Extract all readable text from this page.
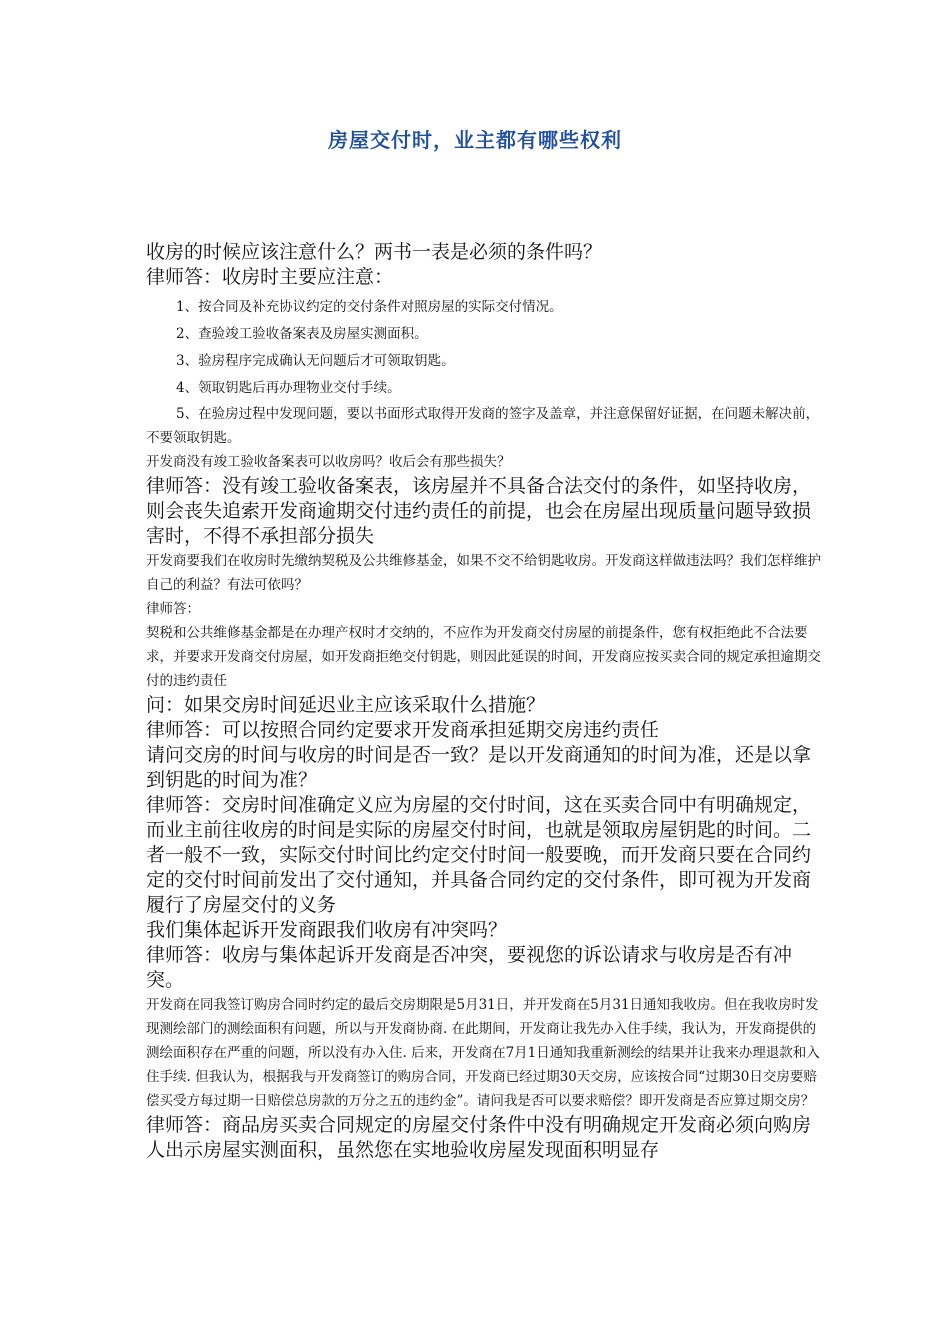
房屋交付时，业主都有哪些权利

收房的时候应该注意什么？两书一表是必须的条件吗？

律师答：收房时主要应注意：

1、按合同及补充协议约定的交付条件对照房屋的实际交付情况。

2、查验竣工验收备案表及房屋实测面积。

3、验房程序完成确认无问题后才可领取钥匙。

4、领取钥匙后再办理物业交付手续。

5、在验房过程中发现问题，要以书面形式取得开发商的签字及盖章，并注意保留好证据，在问题未解决前，不要领取钥匙。

开发商没有竣工验收备案表可以收房吗？收后会有那些损失？

律师答：没有竣工验收备案表，该房屋并不具备合法交付的条件，如坚持收房，则会丧失追索开发商逾期交付违约责任的前提，也会在房屋出现质量问题导致损害时，不得不承担部分损失

开发商要我们在收房时先缴纳契税及公共维修基金，如果不交不给钥匙收房。开发商这样做违法吗？我们怎样维护自己的利益？有法可依吗？

律师答：

契税和公共维修基金都是在办理产权时才交纳的，不应作为开发商交付房屋的前提条件，您有权拒绝此不合法要求，并要求开发商交付房屋，如开发商拒绝交付钥匙，则因此延误的时间，开发商应按买卖合同的规定承担逾期交付的违约责任

问：如果交房时间延迟业主应该采取什么措施？

律师答：可以按照合同约定要求开发商承担延期交房违约责任

请问交房的时间与收房的时间是否一致？是以开发商通知的时间为准，还是以拿到钥匙的时间为准？

律师答：交房时间准确定义应为房屋的交付时间，这在买卖合同中有明确规定，而业主前往收房的时间是实际的房屋交付时间，也就是领取房屋钥匙的时间。二者一般不一致，实际交付时间比约定交付时间一般要晚，而开发商只要在合同约定的交付时间前发出了交付通知，并具备合同约定的交付条件，即可视为开发商履行了房屋交付的义务

我们集体起诉开发商跟我们收房有冲突吗？

律师答：收房与集体起诉开发商是否冲突，要视您的诉讼请求与收房是否有冲突。

开发商在同我签订购房合同时约定的最后交房期限是5月31日，并开发商在5月31日通知我收房。但在我收房时发现测绘部门的测绘面积有问题，所以与开发商协商. 在此期间，开发商让我先办入住手续，我认为，开发商提供的测绘面积存在严重的问题，所以没有办入住. 后来，开发商在7月1日通知我重新测绘的结果并让我来办理退款和入住手续. 但我认为，根据我与开发商签订的购房合同，开发商已经过期30天交房，应该按合同“过期30日交房要赔偿买受方每过期一日赔偿总房款的万分之五的违约金”。请问我是否可以要求赔偿？即开发商是否应算过期交房？

律师答：商品房买卖合同规定的房屋交付条件中没有明确规定开发商必须向购房人出示房屋实测面积，虽然您在实地验收房屋发现面积明显存
